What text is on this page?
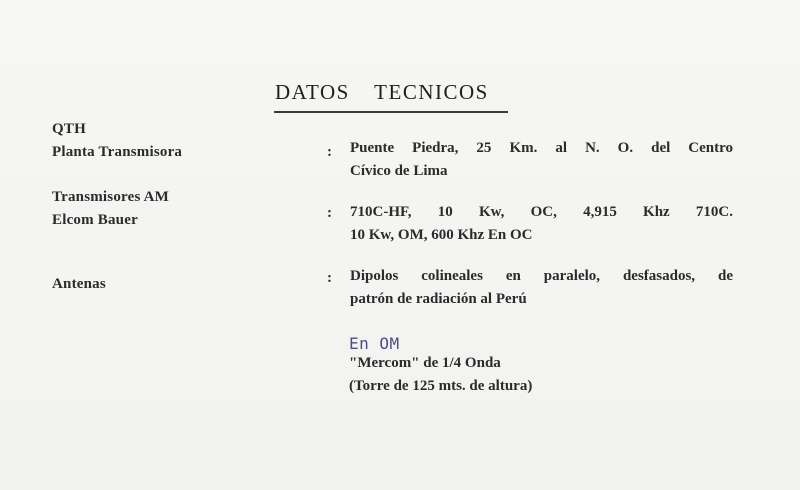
DATOS TECNICOS
QTH
Planta Transmisora	: Puente Piedra, 25 Km. al N. O. del Centro
Cívico de Lima
Transmisores AM
Elcom Bauer	: 710C-HF, 10 Kw, OC, 4,915 Khz 710C.
10 Kw, OM, 600 Khz En OC
Antenas	: Dipolos colineales en paralelo, desfasados, de
patrón de radiación al Perú
En OM
"Mercom" de 1/4 Onda
(Torre de 125 mts. de altura)
